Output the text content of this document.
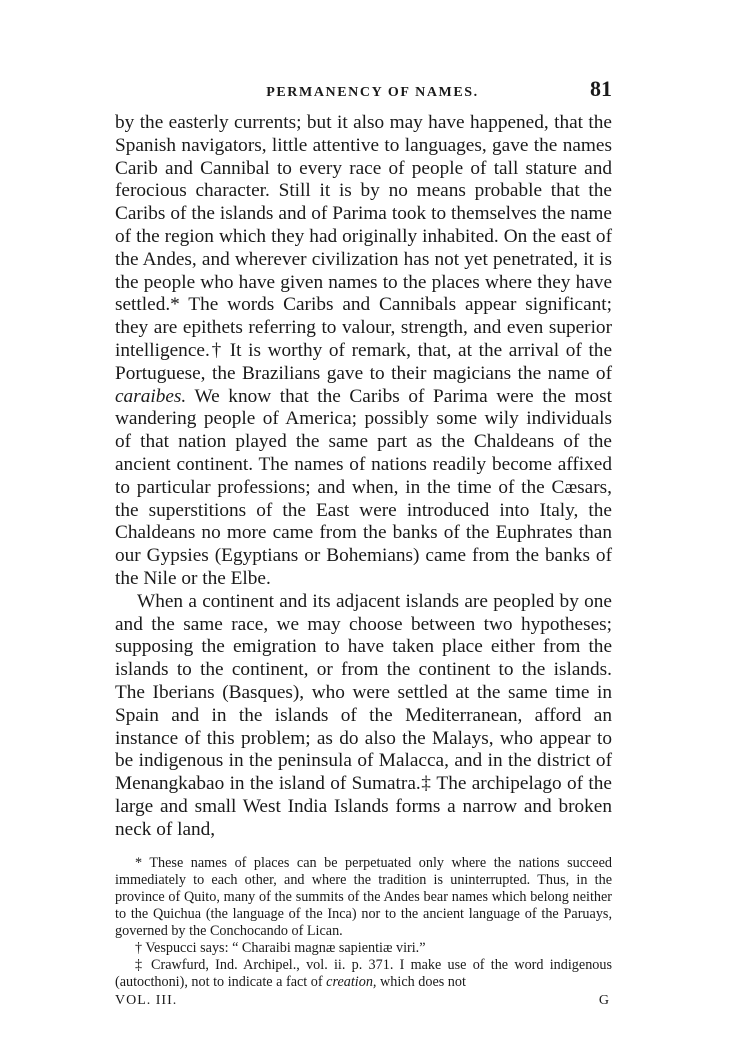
PERMANENCY OF NAMES.	81

by the easterly currents; but it also may have happened, that the Spanish navigators, little attentive to languages, gave the names Carib and Cannibal to every race of people of tall stature and ferocious character. Still it is by no means probable that the Caribs of the islands and of Parima took to themselves the name of the region which they had originally inhabited. On the east of the Andes, and wherever civilization has not yet penetrated, it is the people who have given names to the places where they have settled.* The words Caribs and Cannibals appear significant; they are epithets referring to valour, strength, and even superior intelligence.† It is worthy of remark, that, at the arrival of the Portuguese, the Brazilians gave to their magicians the name of caraibes. We know that the Caribs of Parima were the most wandering people of America; possibly some wily individuals of that nation played the same part as the Chaldeans of the ancient continent. The names of nations readily become affixed to particular professions; and when, in the time of the Cæsars, the superstitions of the East were introduced into Italy, the Chaldeans no more came from the banks of the Euphrates than our Gypsies (Egyptians or Bohemians) came from the banks of the Nile or the Elbe.

When a continent and its adjacent islands are peopled by one and the same race, we may choose between two hypotheses; supposing the emigration to have taken place either from the islands to the continent, or from the continent to the islands. The Iberians (Basques), who were settled at the same time in Spain and in the islands of the Mediterranean, afford an instance of this problem; as do also the Malays, who appear to be indigenous in the peninsula of Malacca, and in the district of Menangkabao in the island of Sumatra.‡ The archipelago of the large and small West India Islands forms a narrow and broken neck of land,

* These names of places can be perpetuated only where the nations succeed immediately to each other, and where the tradition is uninterrupted. Thus, in the province of Quito, many of the summits of the Andes bear names which belong neither to the Quichua (the language of the Inca) nor to the ancient language of the Paruays, governed by the Conchocando of Lican.

† Vespucci says: “ Charaibi magnæ sapientiæ viri.”

‡ Crawfurd, Ind. Archipel., vol. ii. p. 371. I make use of the word indigenous (autocthoni), not to indicate a fact of creation, which does not

VOL. III.	G
